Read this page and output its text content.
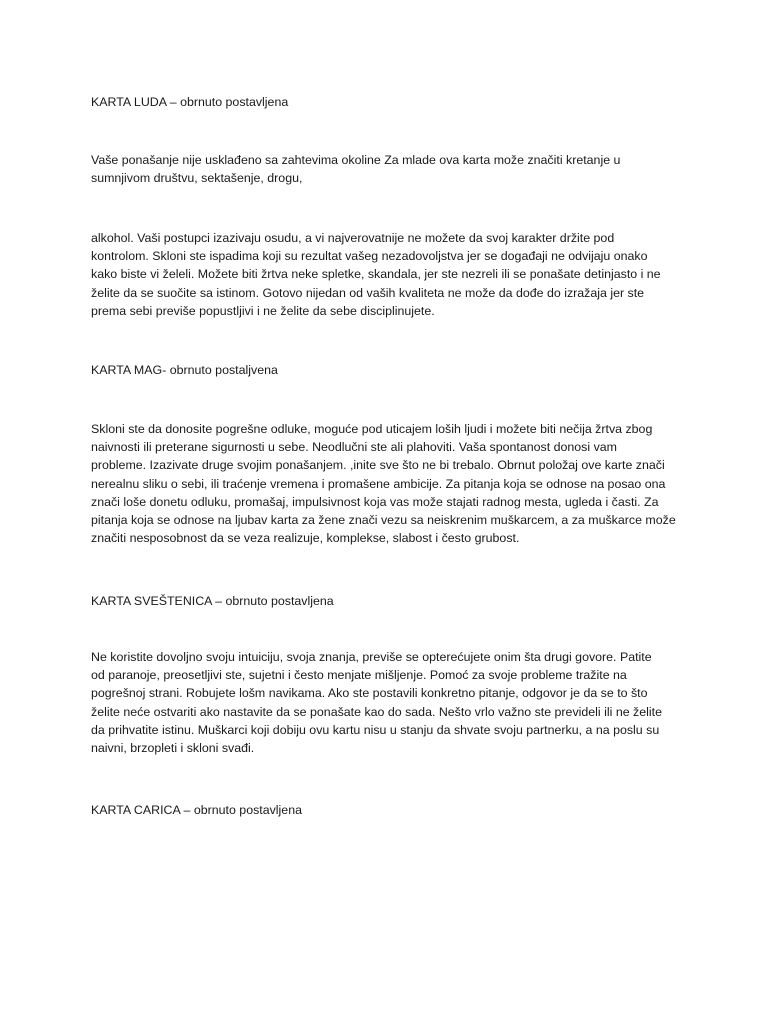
KARTA LUDA – obrnuto postavljena

Vaše ponašanje nije usklađeno sa zahtevima okoline Za mlade ova karta može značiti kretanje u
sumnjivom društvu, sektašenje, drogu,

alkohol. Vaši postupci izazivaju osudu, a vi najverovatnije ne možete da svoj karakter držite pod
kontrolom. Skloni ste ispadima koji su rezultat vašeg nezadovoljstva jer se događaji ne odvijaju onako
kako biste vi želeli. Možete biti žrtva neke spletke, skandala, jer ste nezreli ili se ponašate detinjasto i ne
želite da se suočite sa istinom. Gotovo nijedan od vaših kvaliteta ne može da dođe do izražaja jer ste
prema sebi previše popustljivi i ne želite da sebe disciplinujete.

KARTA MAG- obrnuto postaljvena

Skloni ste da donosite pogrešne odluke, moguće pod uticajem loših ljudi i možete biti nečija žrtva zbog
naivnosti ili preterane sigurnosti u sebe. Neodlučni ste ali plahoviti. Vaša spontanost donosi vam
probleme. Izazivate druge svojim ponašanjem. ,inite sve što ne bi trebalo. Obrnut položaj ove karte znači
nerealnu sliku o sebi, ili traćenje vremena i promašene ambicije. Za pitanja koja se odnose na posao ona
znači loše donetu odluku, promašaj, impulsivnost koja vas može stajati radnog mesta, ugleda i časti. Za
pitanja koja se odnose na ljubav karta za žene znači vezu sa neiskrenim muškarcem, a za muškarce može
značiti nesposobnost da se veza realizuje, komplekse, slabost i često grubost.

KARTA SVEŠTENICA – obrnuto postavljena

Ne koristite dovoljno svoju intuiciju, svoja znanja, previše se opterećujete onim šta drugi govore. Patite
od paranoje, preosetljivi ste, sujetni i često menjate mišljenje. Pomoć za svoje probleme tražite na
pogrešnoj strani. Robujete lošm navikama. Ako ste postavili konkretno pitanje, odgovor je da se to što
želite neće ostvariti ako nastavite da se ponašate kao do sada. Nešto vrlo važno ste prevideli ili ne želite
da prihvatite istinu. Muškarci koji dobiju ovu kartu nisu u stanju da shvate svoju partnerku, a na poslu su
naivni, brzopleti i skloni svađi.

KARTA CARICA – obrnuto postavljena
